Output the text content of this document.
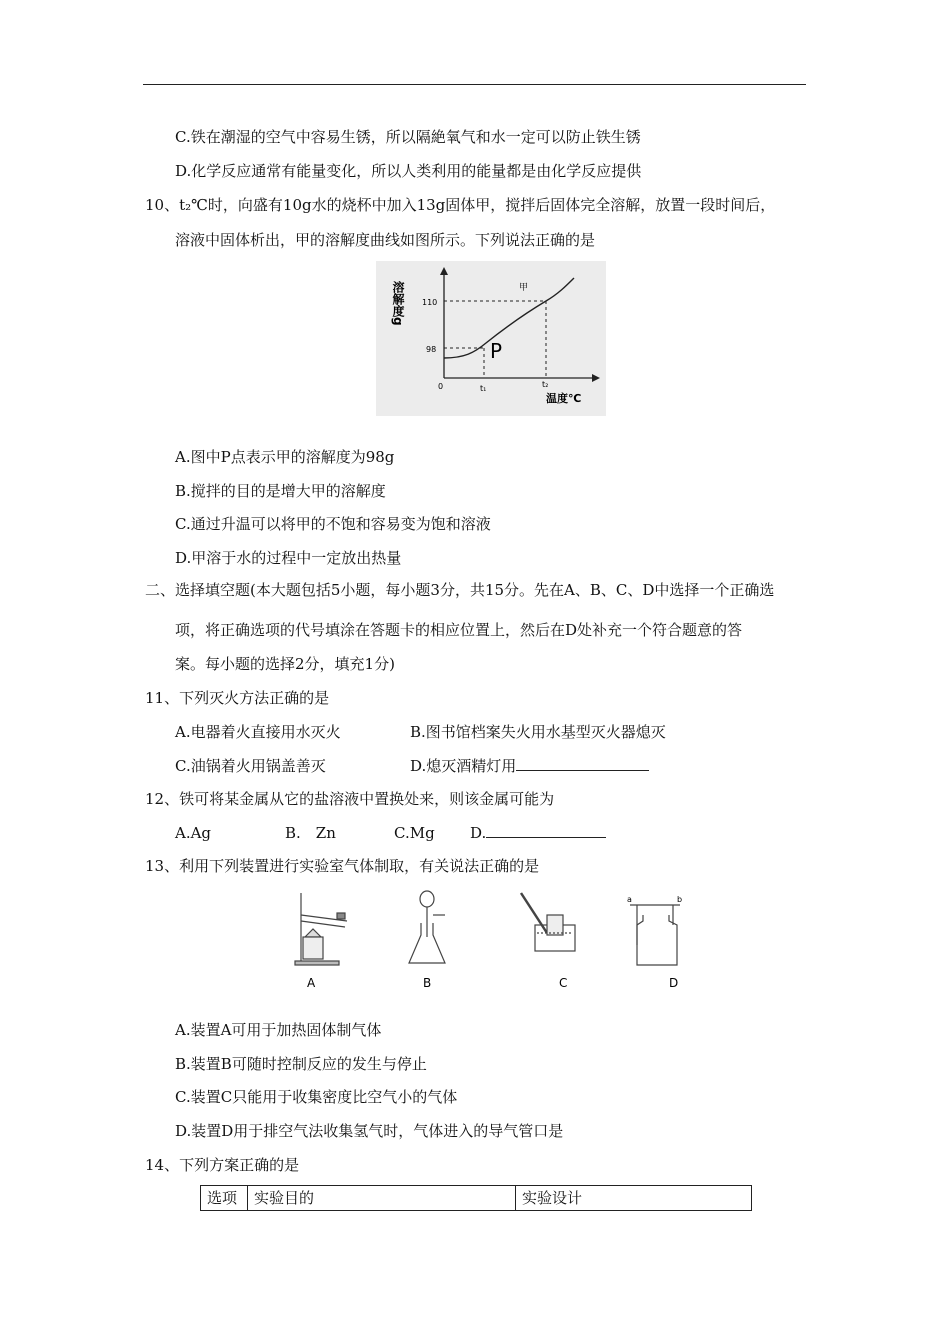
C.铁在潮湿的空气中容易生锈，所以隔絶氧气和水一定可以防止铁生锈
D.化学反应通常有能量变化，所以人类利用的能量都是由化学反应提供
10、t₂℃时，向盛有10g水的烧杯中加入13g固体甲，搅拌后固体完全溶解，放置一段时间后，
溶液中固体析出，甲的溶解度曲线如图所示。下列说法正确的是
溶解度g 110
98
0	t₁	t₂
温度℃
甲
P
A.图中P点表示甲的溶解度为98g
B.搅拌的目的是增大甲的溶解度
C.通过升温可以将甲的不饱和容易变为饱和溶液
D.甲溶于水的过程中一定放出热量
二、选择填空题(本大题包括5小题，每小题3分，共15分。先在A、B、C、D中选择一个正确选
项，将正确选项的代号填涂在答题卡的相应位置上，然后在D处补充一个符合题意的答
案。每小题的选择2分，填充1分)
11、下列灭火方法正确的是
A.电器着火直接用水灭火	B.图书馆档案失火用水基型灭火器熄灭
C.油锅着火用锅盖善灭	D.熄灭酒精灯用
12、铁可将某金属从它的盐溶液中置换处来，则该金属可能为
A.Ag	B.　Zn	C.Mg D.
13、利用下列装置进行实验室气体制取，有关说法正确的是
a	b
A	B	C	D
A.装置A可用于加热固体制气体
B.装置B可随时控制反应的发生与停止
C.装置C只能用于收集密度比空气小的气体
D.装置D用于排空气法收集氢气时，气体进入的导气管口是
14、下列方案正确的是
选项	实验目的	实验设计
